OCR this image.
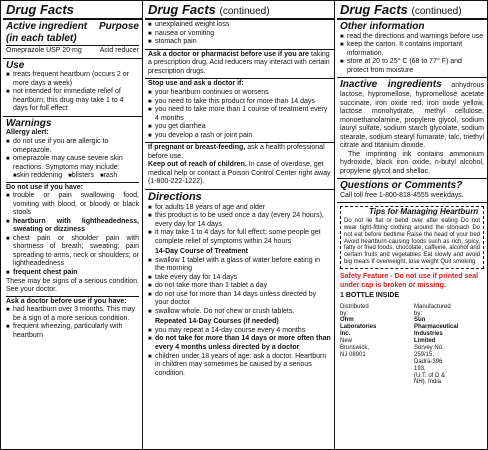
Drug Facts
Active ingredient Purpose
(in each tablet)
Omeprazole USP 20 mg	Acid reducer
Use
■ treats frequent heartburn (occurs 2 or more days a week)
■ not intended for immediate relief of heartburn; this drug may take 1 to 4 days for full effect
Warnings
Allergy alert:
■ do not use if you are allergic to omeprazole.
■ omeprazole may cause severe skin reactions. Symptoms may include:
■ skin reddening	■ blisters	■ rash
Do not use if you have:
■ trouble or pain swallowing food, vomiting with blood, or bloody or black stools
■ heartburn with lightheadedness, sweating or dizziness
■ chest pain or shoulder pain with shortness of breath; sweating; pain spreading to arms, neck or shoulders; or lightheadedness
■ frequent chest pain
These may be signs of a serious condition. See your doctor.
Ask a doctor before use if you have:
■ had heartburn over 3 months. This may be a sign of a more serious condition.
■ frequent wheezing, particularly with heartburn
Drug Facts (continued)
■ unexplained weight loss
■ nausea or vomiting
■ stomach pain
Ask a doctor or pharmacist before use if you are taking a prescription drug. Acid reducers may interact with certain prescription drugs.
Stop use and ask a doctor if:
■ your heartburn continues or worsens
■ you need to take this product for more than 14 days
■ you need to take more than 1 course of treatment every 4 months
■ you get diarrhea
■ you develop a rash or joint pain
If pregnant or breast-feeding, ask a health professional before use.
Keep out of reach of children. In case of overdose, get medical help or contact a Poison Control Center right away (1-800-222-1222).
Directions
■ for adults 18 years of age and older
■ this product is to be used once a day (every 24 hours), every day for 14 days
■ it may take 1 to 4 days for full effect; some people get complete relief of symptoms within 24 hours
14-Day Course of Treatment
■ swallow 1 tablet with a glass of water before eating in the morning
■ take every day for 14 days
■ do not take more than 1 tablet a day
■ do not use for more than 14 days unless directed by your doctor
■ swallow whole. Do not chew or crush tablets.
Repeated 14-Day Courses (if needed)
■ you may repeat a 14-day course every 4 months
■ do not take for more than 14 days or more often than every 4 months unless directed by a doctor
■ children under 18 years of age: ask a doctor. Heartburn in children may sometimes be caused by a serious condition.
Drug Facts (continued)
Other information
■ read the directions and warnings before use
■ keep the carton. It contains important information.
■ store at 20 to 25° C (68 to 77° F) and protect from moisture
Inactive ingredients anhydrous lactose, hypromellose, hypromellose acetate succinate, iron oxide red, iron oxide yellow, lactose monohydrate, methyl cellulose, monoethanolamine, propylene glycol, sodium lauryl sulfate, sodium starch glycolate, sodium stearate, sodium stearyl fumarate, talc, triethyl citrate and titanium dioxide.
The imprinting ink contains ammonium hydroxide, black iron oxide, n-butyl alcohol, propylene glycol and shellac.
Questions or Comments?
Call toll free 1-800-818-4555 weekdays.
Tips for Managing Heartburn
Do not lie flat or bend over after eating Do not wear tight-fitting clothing around the stomach Do not eat before bedtime Raise the head of your bed Avoid heartburn-causing foods such as rich, spicy, fatty or fried foods, chocolate, caffeine, alcohol and certain fruits and vegetables Eat slowly and avoid big meals If overweight, lose weight Quit smoking
Safety Feature - Do not use if printed seal under cap is broken or missing.
1 BOTTLE INSIDE
Distributed by:
Ohm Laboratories Inc.
New Brunswick, NJ 08901
Manufactured by:
Sun Pharmaceutical Industries Limited
Survey No. 259/15, Dadra-396 193,
(U.T. of D & NH), India.
